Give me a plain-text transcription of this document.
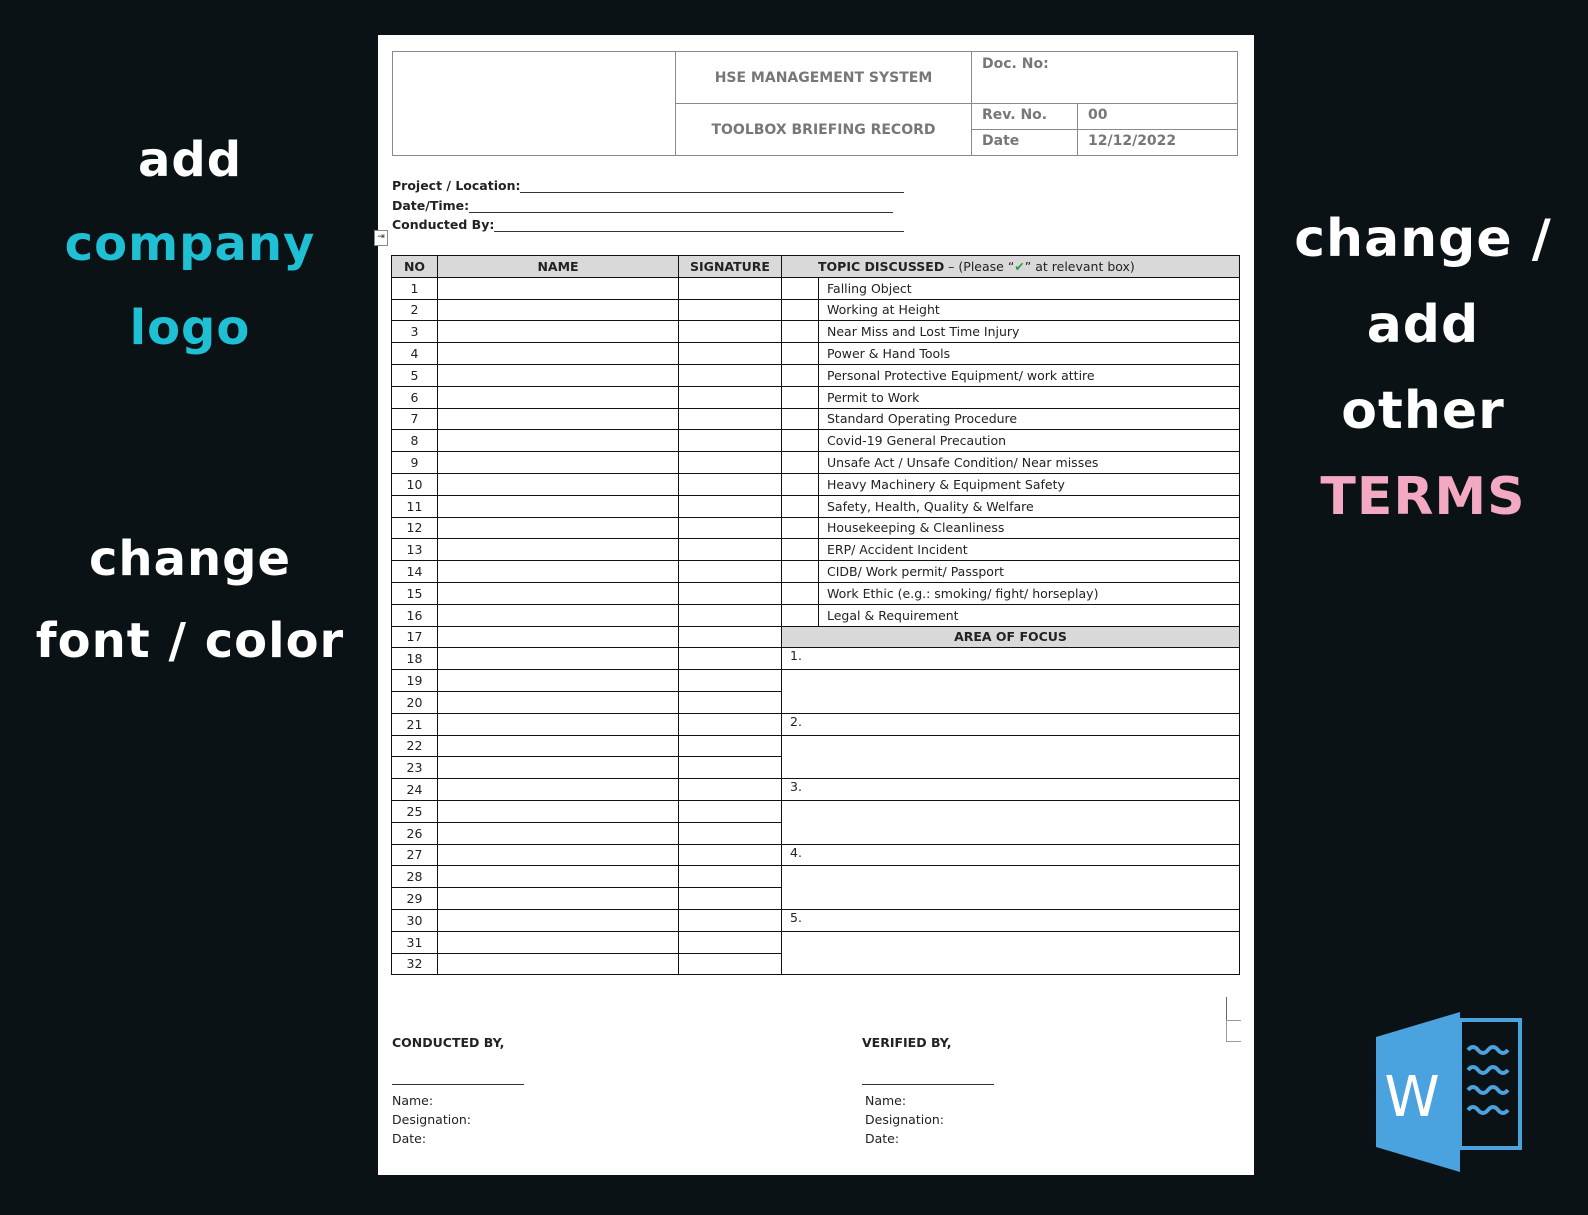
add company
logo
change
font / color
change /
add
other
TERMS
HSE MANAGEMENT SYSTEM
TOOLBOX BRIEFING RECORD
Doc. No:
Rev. No.	00
Date	12/12/2022
Project / Location:
Date/Time:
Conducted By:
⇥
NO	NAME	SIGNATURE	TOPIC DISCUSSED – (Please “✔” at relevant box)	
1				Falling Object
2				Working at Height
3				Near Miss and Lost Time Injury
4				Power & Hand Tools
5				Personal Protective Equipment/ work attire
6				Permit to Work
7				Standard Operating Procedure
8				Covid-19 General Precaution
9				Unsafe Act / Unsafe Condition/ Near misses
10				Heavy Machinery & Equipment Safety
11				Safety, Health, Quality & Welfare
12				Housekeeping & Cleanliness
13				ERP/ Accident Incident
14				CIDB/ Work permit/ Passport
15				Work Ethic (e.g.: smoking/ fight/ horseplay)
16				Legal & Requirement
17			AREA OF FOCUS	
18			1.	
19				
20				
21			2.	
22				
23				
24			3.	
25				
26				
27			4.	
28				
29				
30			5.	
31				
32				
CONDUCTED BY,
Name:
Designation:
Date:
VERIFIED BY,
Name:
Designation:
Date:
W
